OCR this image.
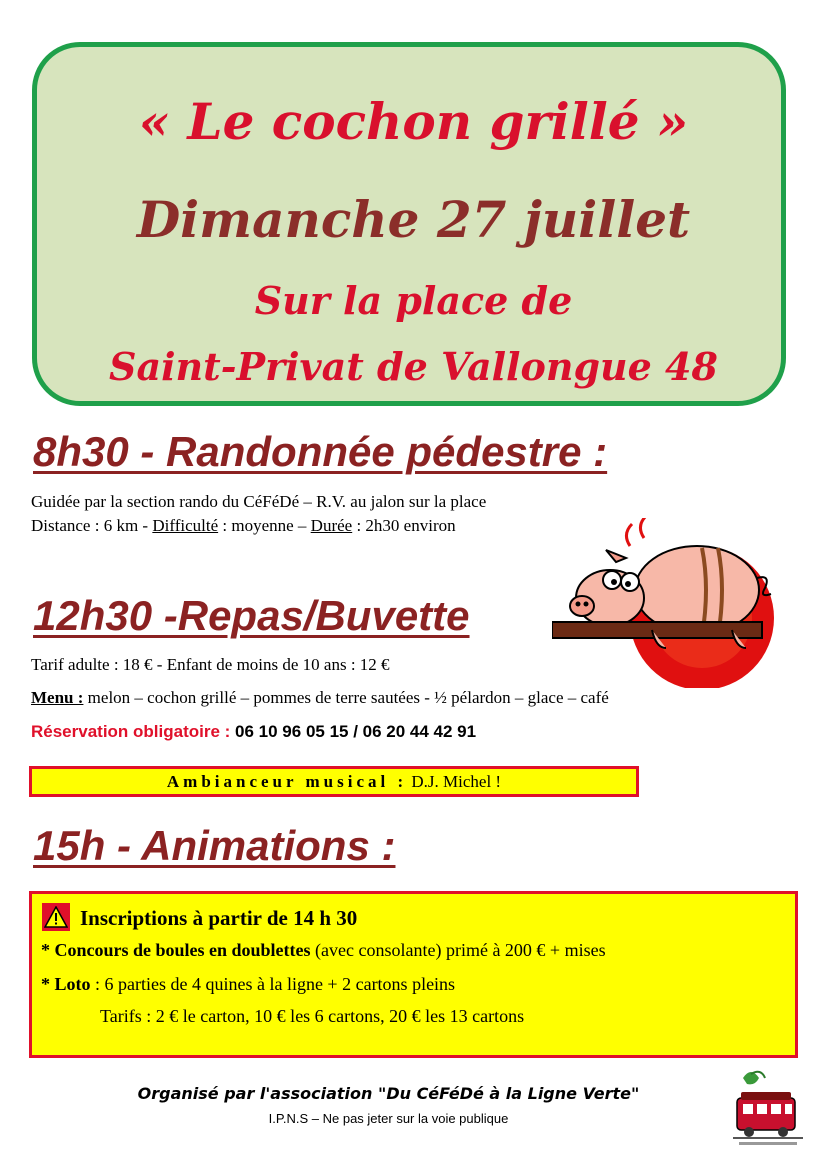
« Le cochon grillé »
Dimanche 27 juillet
Sur la place de
Saint-Privat de Vallongue 48
8h30 - Randonnée pédestre :
Guidée par la section rando du CéFéDé – R.V. au jalon sur la place
Distance : 6 km - Difficulté : moyenne – Durée : 2h30 environ
12h30 -Repas/Buvette
Tarif adulte : 18 € - Enfant de moins de 10 ans : 12 €
Menu : melon – cochon grillé – pommes de terre sautées - ½ pélardon – glace – café
Réservation obligatoire : 06 10 96 05 15 / 06 20 44 42 91
Ambianceur musical : D.J. Michel !
15h - Animations :
Inscriptions à partir de 14 h 30
* Concours de boules en doublettes (avec consolante) primé à 200 € + mises
* Loto : 6 parties de 4 quines à la ligne + 2 cartons pleins
Tarifs : 2 € le carton, 10 € les 6 cartons, 20 € les 13 cartons
Organisé par l'association "Du CéFéDé à la Ligne Verte"
I.P.N.S – Ne pas jeter sur la voie publique
